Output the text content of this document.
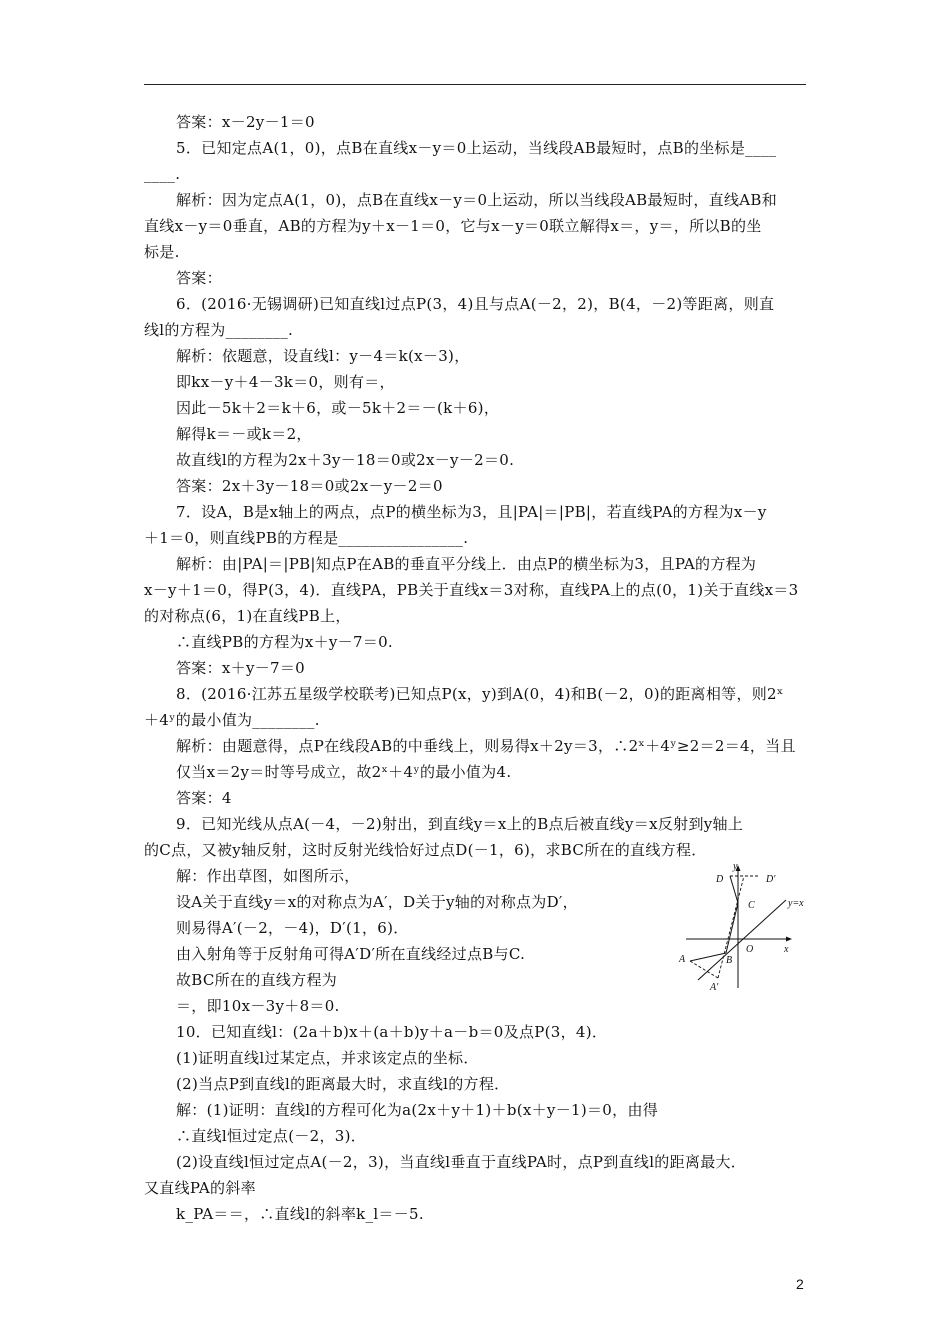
答案：x－2y－1＝0
5．已知定点A(1，0)，点B在直线x－y＝0上运动，当线段AB最短时，点B的坐标是____
____.
解析：因为定点A(1，0)，点B在直线x－y＝0上运动，所以当线段AB最短时，直线AB和
直线x－y＝0垂直，AB的方程为y＋x－1＝0，它与x－y＝0联立解得x＝，y＝，所以B的坐
标是.
答案：
6．(2016·无锡调研)已知直线l过点P(3，4)且与点A(－2，2)，B(4，－2)等距离，则直
线l的方程为________.
解析：依题意，设直线l：y－4＝k(x－3)，
即kx－y＋4－3k＝0，则有＝，
因此－5k＋2＝k＋6，或－5k＋2＝－(k＋6)，
解得k＝－或k＝2，
故直线l的方程为2x＋3y－18＝0或2x－y－2＝0.
答案：2x＋3y－18＝0或2x－y－2＝0
7．设A，B是x轴上的两点，点P的横坐标为3，且|PA|＝|PB|，若直线PA的方程为x－y
＋1＝0，则直线PB的方程是________________.
解析：由|PA|＝|PB|知点P在AB的垂直平分线上．由点P的横坐标为3，且PA的方程为
x－y＋1＝0，得P(3，4)．直线PA，PB关于直线x＝3对称，直线PA上的点(0，1)关于直线x＝3
的对称点(6，1)在直线PB上，
∴直线PB的方程为x＋y－7＝0.
答案：x＋y－7＝0
8．(2016·江苏五星级学校联考)已知点P(x，y)到A(0，4)和B(－2，0)的距离相等，则2ˣ
＋4ʸ的最小值为________.
解析：由题意得，点P在线段AB的中垂线上，则易得x＋2y＝3，∴2ˣ＋4ʸ≥2＝2＝4，当且
仅当x＝2y＝时等号成立，故2ˣ＋4ʸ的最小值为4.
答案：4
9．已知光线从点A(－4，－2)射出，到直线y＝x上的B点后被直线y＝x反射到y轴上
的C点，又被y轴反射，这时反射光线恰好过点D(－1，6)，求BC所在的直线方程．
解：作出草图，如图所示，
设A关于直线y＝x的对称点为A′，D关于y轴的对称点为D′，
则易得A′(－2，－4)，D′(1，6)．
由入射角等于反射角可得A′D′所在直线经过点B与C.
故BC所在的直线方程为
＝，即10x－3y＋8＝0.
10．已知直线l：(2a＋b)x＋(a＋b)y＋a－b＝0及点P(3，4)．
(1)证明直线l过某定点，并求该定点的坐标．
(2)当点P到直线l的距离最大时，求直线l的方程．
解：(1)证明：直线l的方程可化为a(2x＋y＋1)＋b(x＋y－1)＝0，由得
∴直线l恒过定点(－2，3)．
(2)设直线l恒过定点A(－2，3)，当直线l垂直于直线PA时，点P到直线l的距离最大．
又直线PA的斜率
k_PA＝＝，∴直线l的斜率k_l＝－5.
y
y=x
x
O
D	D′
C
A	B
A′
2
